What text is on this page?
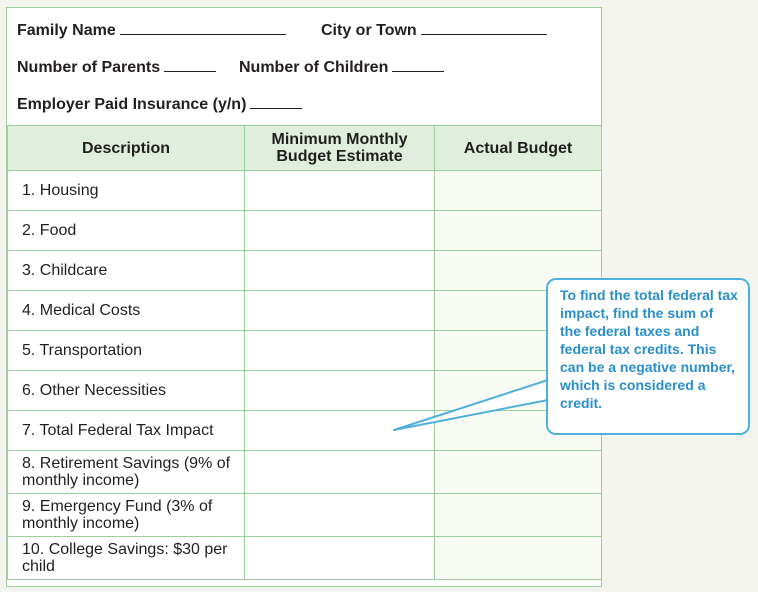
Family Name	City or Town
Number of Parents	Number of Children
Employer Paid Insurance (y/n)
Description	Minimum Monthly Budget Estimate	Actual Budget
1. Housing		
2. Food		
3. Childcare		
4. Medical Costs		
5. Transportation		
6. Other Necessities		
7. Total Federal Tax Impact		
8. Retirement Savings (9% of monthly income)		
9. Emergency Fund (3% of monthly income)		
10. College Savings: $30 per child		
To find the total federal tax impact, find the sum of the federal taxes and federal tax credits. This can be a negative number, which is considered a credit.
